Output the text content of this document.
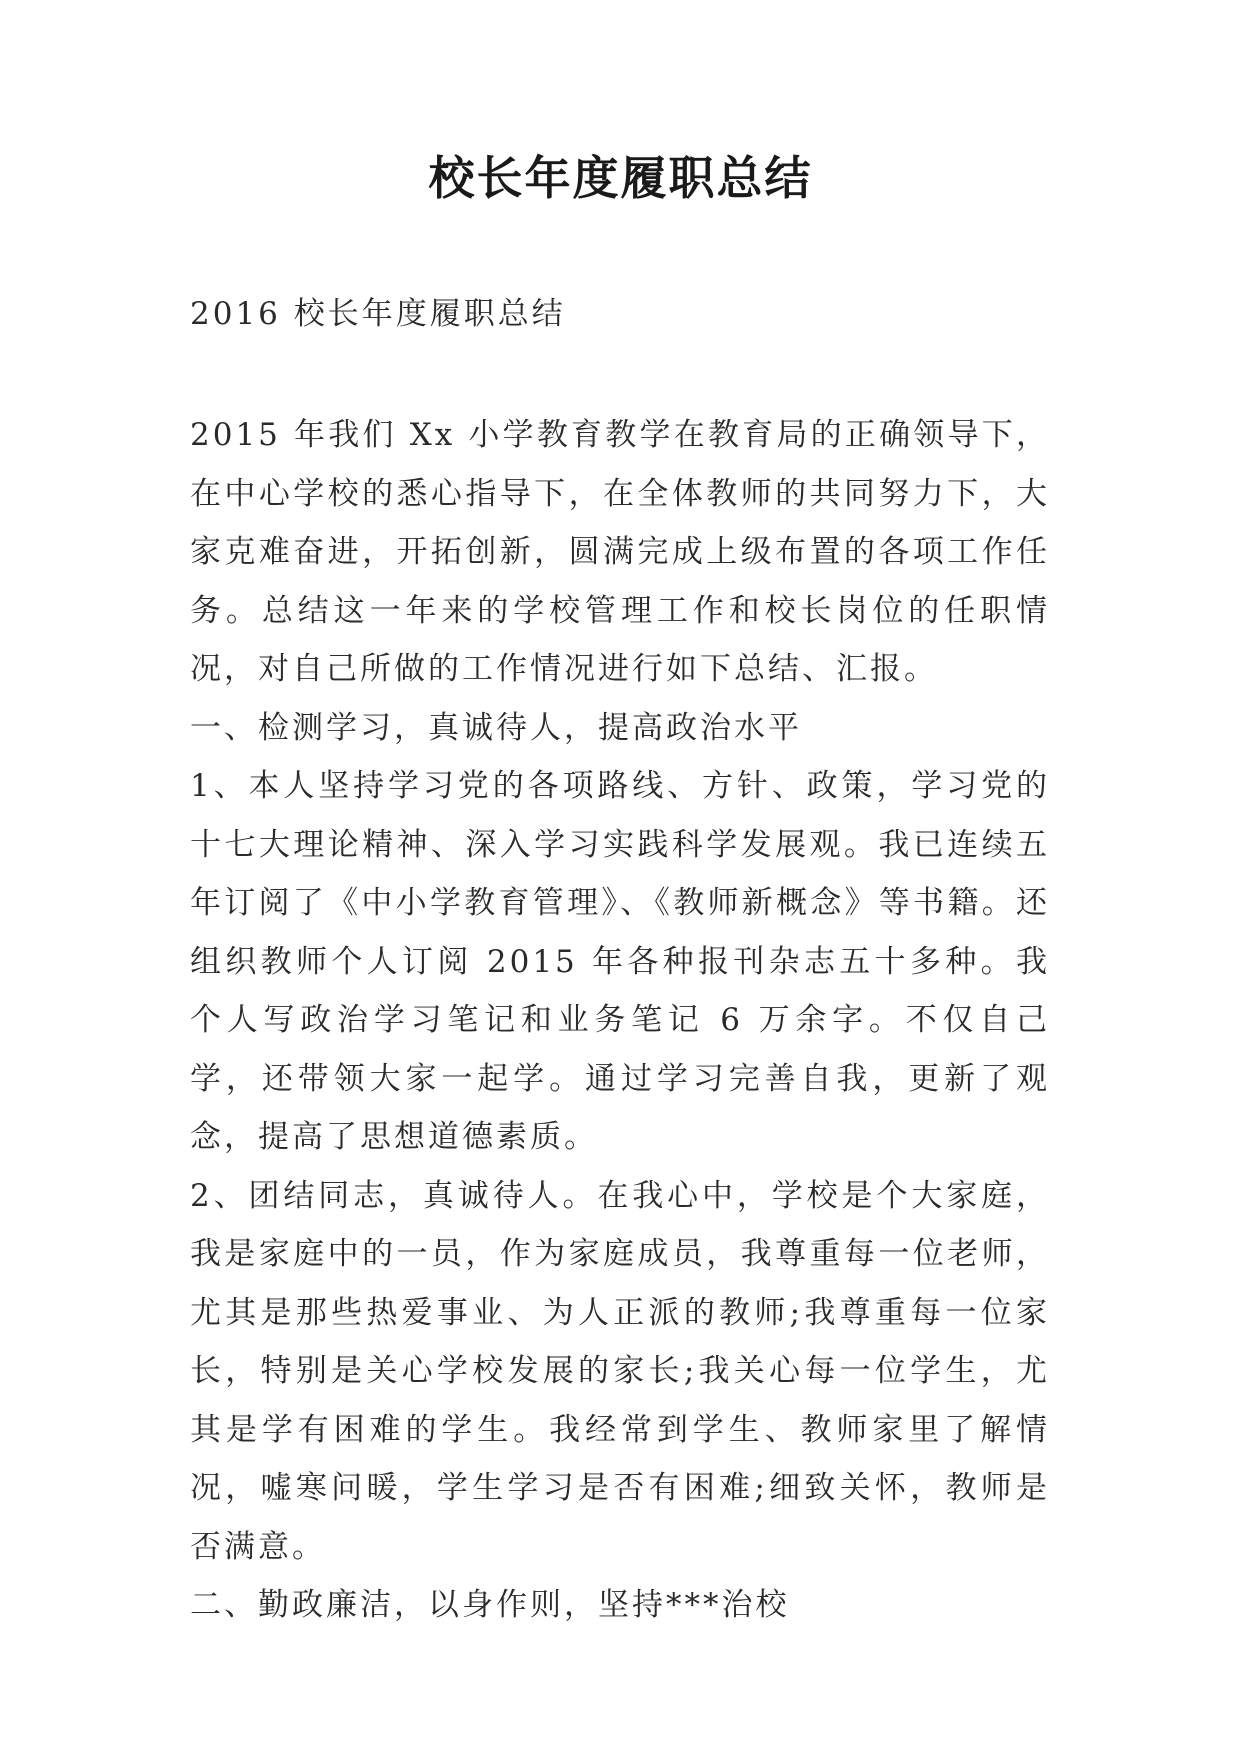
校长年度履职总结

2016 校长年度履职总结

2015 年我们 Xx 小学教育教学在教育局的正确领导下，在中心学校的悉心指导下，在全体教师的共同努力下，大家克难奋进，开拓创新，圆满完成上级布置的各项工作任务。总结这一年来的学校管理工作和校长岗位的任职情况，对自己所做的工作情况进行如下总结、汇报。

一、检测学习，真诚待人，提高政治水平

1、本人坚持学习党的各项路线、方针、政策，学习党的十七大理论精神、深入学习实践科学发展观。我已连续五年订阅了《中小学教育管理》、《教师新概念》等书籍。还组织教师个人订阅 2015 年各种报刊杂志五十多种。我个人写政治学习笔记和业务笔记 6 万余字。不仅自己学，还带领大家一起学。通过学习完善自我，更新了观念，提高了思想道德素质。

2、团结同志，真诚待人。在我心中，学校是个大家庭，我是家庭中的一员，作为家庭成员，我尊重每一位老师，尤其是那些热爱事业、为人正派的教师;我尊重每一位家长，特别是关心学校发展的家长;我关心每一位学生，尤其是学有困难的学生。我经常到学生、教师家里了解情况，嘘寒问暖，学生学习是否有困难;细致关怀，教师是否满意。

二、勤政廉洁，以身作则，坚持***治校
